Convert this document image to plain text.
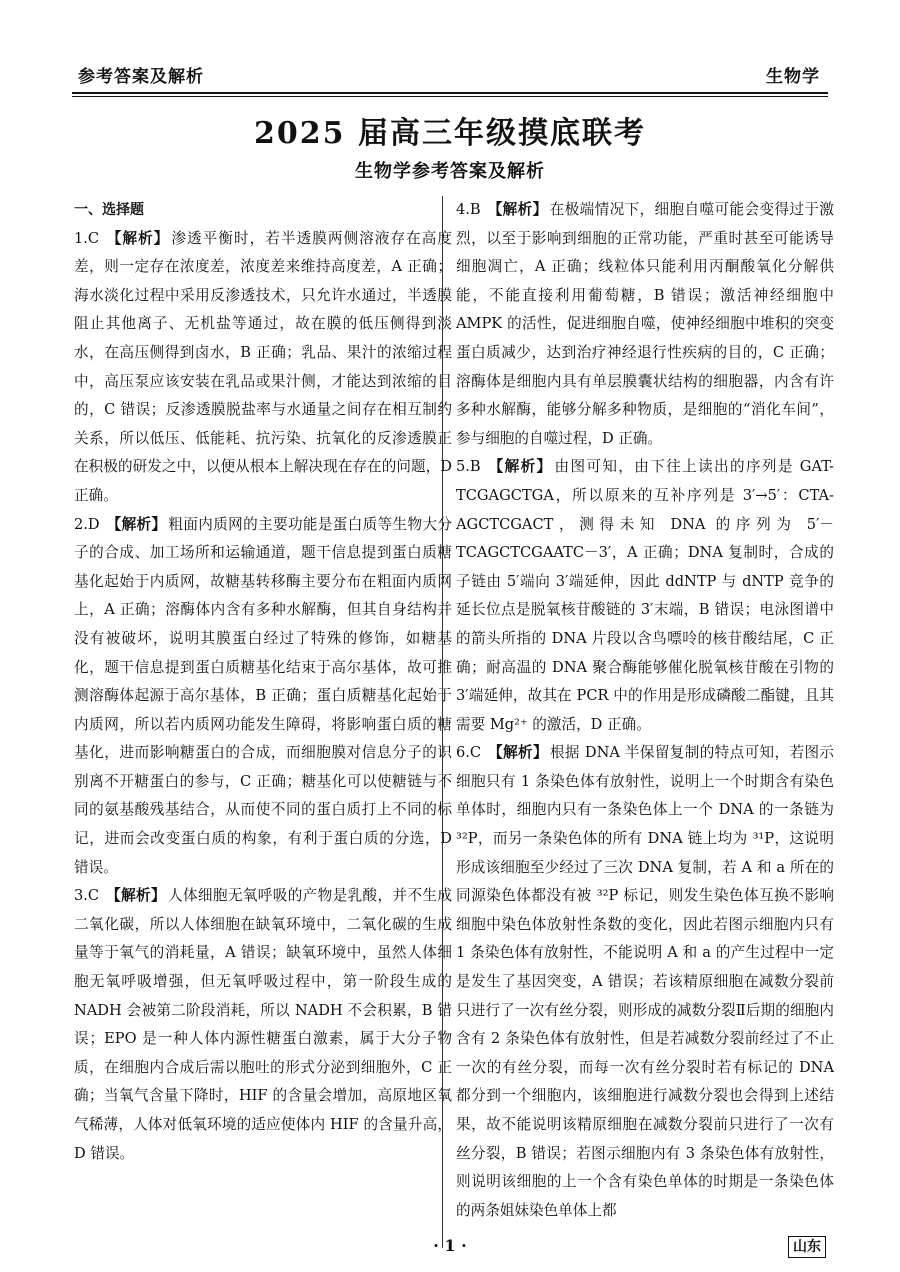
参考答案及解析	生物学
2025 届高三年级摸底联考
生物学参考答案及解析
一、选择题

1.C 【解析】 渗透平衡时，若半透膜两侧溶液存在高度差，则一定存在浓度差，浓度差来维持高度差，A 正确；海水淡化过程中采用反渗透技术，只允许水通过，半透膜阻止其他离子、无机盐等通过，故在膜的低压侧得到淡水，在高压侧得到卤水，B 正确；乳品、果汁的浓缩过程中，高压泵应该安装在乳品或果汁侧，才能达到浓缩的目的，C 错误；反渗透膜脱盐率与水通量之间存在相互制约关系，所以低压、低能耗、抗污染、抗氧化的反渗透膜正在积极的研发之中，以便从根本上解决现在存在的问题，D 正确。

2.D 【解析】 粗面内质网的主要功能是蛋白质等生物大分子的合成、加工场所和运输通道，题干信息提到蛋白质糖基化起始于内质网，故糖基转移酶主要分布在粗面内质网上，A 正确；溶酶体内含有多种水解酶，但其自身结构并没有被破坏，说明其膜蛋白经过了特殊的修饰，如糖基化，题干信息提到蛋白质糖基化结束于高尔基体，故可推测溶酶体起源于高尔基体，B 正确；蛋白质糖基化起始于内质网，所以若内质网功能发生障碍，将影响蛋白质的糖基化，进而影响糖蛋白的合成，而细胞膜对信息分子的识别离不开糖蛋白的参与，C 正确；糖基化可以使糖链与不同的氨基酸残基结合，从而使不同的蛋白质打上不同的标记，进而会改变蛋白质的构象，有利于蛋白质的分选，D 错误。

3.C 【解析】 人体细胞无氧呼吸的产物是乳酸，并不生成二氧化碳，所以人体细胞在缺氧环境中，二氧化碳的生成量等于氧气的消耗量，A 错误；缺氧环境中，虽然人体细胞无氧呼吸增强，但无氧呼吸过程中，第一阶段生成的 NADH 会被第二阶段消耗，所以 NADH 不会积累，B 错误；EPO 是一种人体内源性糖蛋白激素，属于大分子物质，在细胞内合成后需以胞吐的形式分泌到细胞外，C 正确；当氧气含量下降时，HIF 的含量会增加，高原地区氧气稀薄，人体对低氧环境的适应使体内 HIF 的含量升高，D 错误。

4.B 【解析】 在极端情况下，细胞自噬可能会变得过于激烈，以至于影响到细胞的正常功能，严重时甚至可能诱导细胞凋亡，A 正确；线粒体只能利用丙酮酸氧化分解供能，不能直接利用葡萄糖，B 错误；激活神经细胞中 AMPK 的活性，促进细胞自噬，使神经细胞中堆积的突变蛋白质减少，达到治疗神经退行性疾病的目的，C 正确；溶酶体是细胞内具有单层膜囊状结构的细胞器，内含有许多种水解酶，能够分解多种物质，是细胞的“消化车间”，参与细胞的自噬过程，D 正确。

5.B 【解析】 由图可知，由下往上读出的序列是 GAT-TCGAGCTGA，所以原来的互补序列是 3′→5′：CTA-AGCTCGACT，测得未知 DNA 的序列为 5′－TCAGCTCGAATC－3′，A 正确；DNA 复制时，合成的子链由 5′端向 3′端延伸，因此 ddNTP 与 dNTP 竞争的延长位点是脱氧核苷酸链的 3′末端，B 错误；电泳图谱中的箭头所指的 DNA 片段以含鸟嘌呤的核苷酸结尾，C 正确；耐高温的 DNA 聚合酶能够催化脱氧核苷酸在引物的 3′端延伸，故其在 PCR 中的作用是形成磷酸二酯键，且其需要 Mg²⁺ 的激活，D 正确。

6.C 【解析】 根据 DNA 半保留复制的特点可知，若图示细胞只有 1 条染色体有放射性，说明上一个时期含有染色单体时，细胞内只有一条染色体上一个 DNA 的一条链为 ³²P，而另一条染色体的所有 DNA 链上均为 ³¹P，这说明形成该细胞至少经过了三次 DNA 复制，若 A 和 a 所在的同源染色体都没有被 ³²P 标记，则发生染色体互换不影响细胞中染色体放射性条数的变化，因此若图示细胞内只有 1 条染色体有放射性，不能说明 A 和 a 的产生过程中一定是发生了基因突变，A 错误；若该精原细胞在减数分裂前只进行了一次有丝分裂，则形成的减数分裂Ⅱ后期的细胞内含有 2 条染色体有放射性，但是若减数分裂前经过了不止一次的有丝分裂，而每一次有丝分裂时若有标记的 DNA 都分到一个细胞内，该细胞进行减数分裂也会得到上述结果，故不能说明该精原细胞在减数分裂前只进行了一次有丝分裂，B 错误；若图示细胞内有 3 条染色体有放射性，则说明该细胞的上一个含有染色单体的时期是一条染色体的两条姐妹染色单体上都

· 1 ·	山东
